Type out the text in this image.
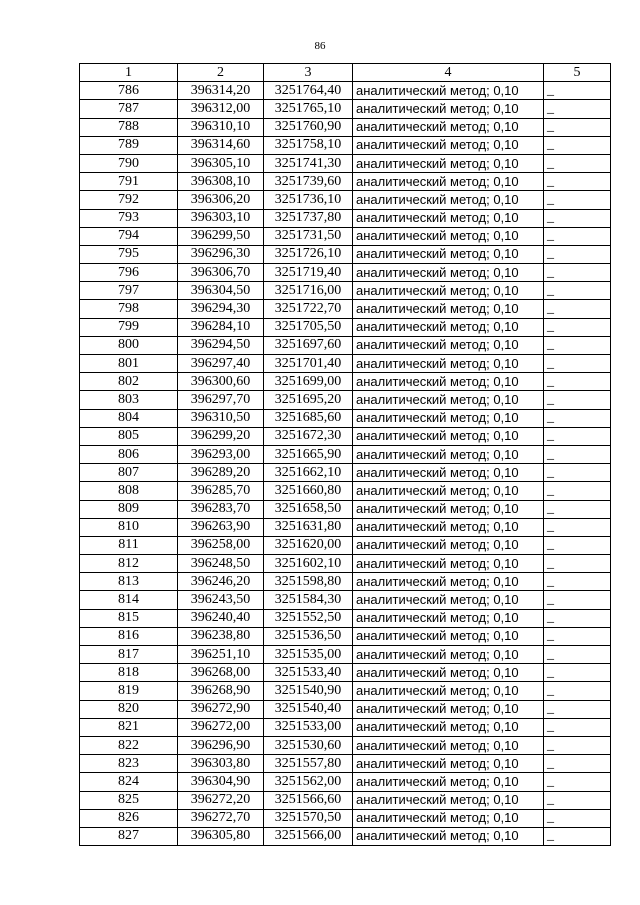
86
1	2	3	4	5
786	396314,20	3251764,40	аналитический метод; 0,10	_
787	396312,00	3251765,10	аналитический метод; 0,10	_
788	396310,10	3251760,90	аналитический метод; 0,10	_
789	396314,60	3251758,10	аналитический метод; 0,10	_
790	396305,10	3251741,30	аналитический метод; 0,10	_
791	396308,10	3251739,60	аналитический метод; 0,10	_
792	396306,20	3251736,10	аналитический метод; 0,10	_
793	396303,10	3251737,80	аналитический метод; 0,10	_
794	396299,50	3251731,50	аналитический метод; 0,10	_
795	396296,30	3251726,10	аналитический метод; 0,10	_
796	396306,70	3251719,40	аналитический метод; 0,10	_
797	396304,50	3251716,00	аналитический метод; 0,10	_
798	396294,30	3251722,70	аналитический метод; 0,10	_
799	396284,10	3251705,50	аналитический метод; 0,10	_
800	396294,50	3251697,60	аналитический метод; 0,10	_
801	396297,40	3251701,40	аналитический метод; 0,10	_
802	396300,60	3251699,00	аналитический метод; 0,10	_
803	396297,70	3251695,20	аналитический метод; 0,10	_
804	396310,50	3251685,60	аналитический метод; 0,10	_
805	396299,20	3251672,30	аналитический метод; 0,10	_
806	396293,00	3251665,90	аналитический метод; 0,10	_
807	396289,20	3251662,10	аналитический метод; 0,10	_
808	396285,70	3251660,80	аналитический метод; 0,10	_
809	396283,70	3251658,50	аналитический метод; 0,10	_
810	396263,90	3251631,80	аналитический метод; 0,10	_
811	396258,00	3251620,00	аналитический метод; 0,10	_
812	396248,50	3251602,10	аналитический метод; 0,10	_
813	396246,20	3251598,80	аналитический метод; 0,10	_
814	396243,50	3251584,30	аналитический метод; 0,10	_
815	396240,40	3251552,50	аналитический метод; 0,10	_
816	396238,80	3251536,50	аналитический метод; 0,10	_
817	396251,10	3251535,00	аналитический метод; 0,10	_
818	396268,00	3251533,40	аналитический метод; 0,10	_
819	396268,90	3251540,90	аналитический метод; 0,10	_
820	396272,90	3251540,40	аналитический метод; 0,10	_
821	396272,00	3251533,00	аналитический метод; 0,10	_
822	396296,90	3251530,60	аналитический метод; 0,10	_
823	396303,80	3251557,80	аналитический метод; 0,10	_
824	396304,90	3251562,00	аналитический метод; 0,10	_
825	396272,20	3251566,60	аналитический метод; 0,10	_
826	396272,70	3251570,50	аналитический метод; 0,10	_
827	396305,80	3251566,00	аналитический метод; 0,10	_
